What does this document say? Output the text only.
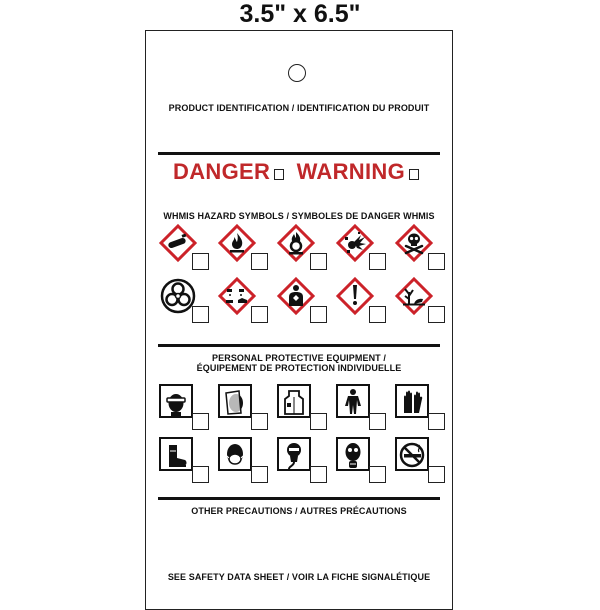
3.5" x 6.5"
PRODUCT IDENTIFICATION / IDENTIFICATION DU PRODUIT
DANGER WARNING
WHMIS HAZARD SYMBOLS / SYMBOLES DE DANGER WHMIS
PERSONAL PROTECTIVE EQUIPMENT /
ÉQUIPEMENT DE PROTECTION INDIVIDUELLE
OTHER PRECAUTIONS / AUTRES PRÉCAUTIONS
SEE SAFETY DATA SHEET / VOIR LA FICHE SIGNALÉTIQUE
